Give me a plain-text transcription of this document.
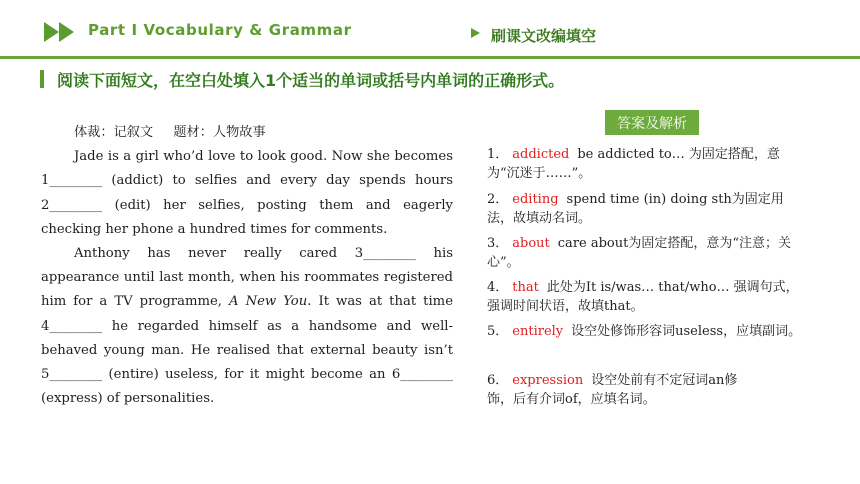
Part Ⅰ Vocabulary & Grammar	刷课文改编填空
阅读下面短文，在空白处填入1个适当的单词或括号内单词的正确形式。
体裁：记叙文 题材：人物故事

Jade is a girl who’d love to look good. Now she becomes 1________ (addict) to selfies and every day spends hours 2________ (edit) her selfies, posting them and eagerly checking her phone a hundred times for comments.

Anthony has never really cared 3________ his appearance until last month, when his roommates registered him for a TV programme, A New You. It was at that time 4________ he regarded himself as a handsome and well-behaved young man. He realised that external beauty isn’t 5________ (entire) useless, for it might become an 6________ (express) of personalities.

答案及解析
1． addicted be addicted to… 为固定搭配，意为“沉迷于……”。
2． editing spend time (in) doing sth为固定用法，故填动名词。
3． about care about为固定搭配，意为“注意；关心”。
4． that 此处为It is/was… that/who… 强调句式，强调时间状语，故填that。
5． entirely 设空处修饰形容词useless，应填副词。
6． expression 设空处前有不定冠词an修饰，后有介词of，应填名词。
